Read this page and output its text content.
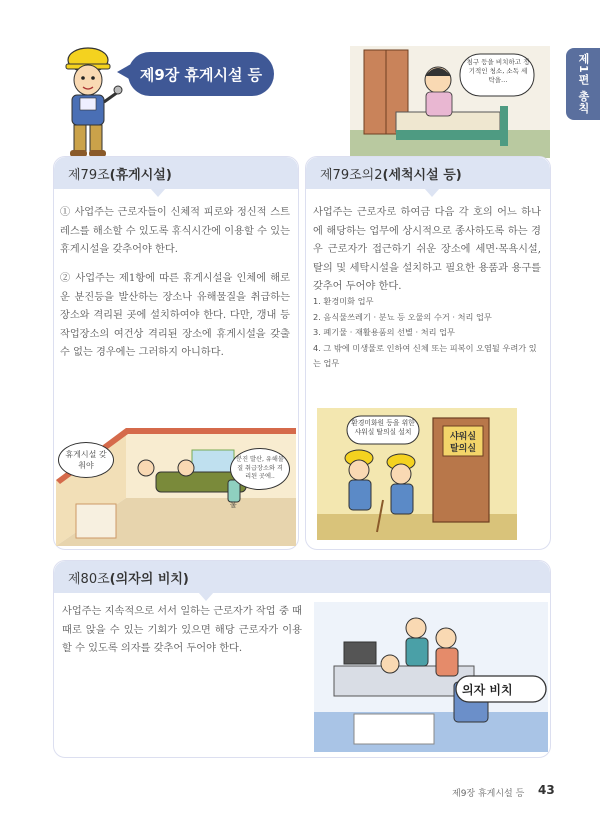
제1편 총칙
제9장 휴게시설 등
침구 등을 비치하고 정기적인 청소, 소독 세탁을…
제79조 (휴게시설)
① 사업주는 근로자들이 신체적 피로와 정신적 스트레스를 해소할 수 있도록 휴식시간에 이용할 수 있는 휴게시설을 갖추어야 한다.
② 사업주는 제1항에 따른 휴게시설을 인체에 해로운 분진등을 발산하는 장소나 유해물질을 취급하는 장소와 격리된 곳에 설치하여야 한다. 다만, 갱내 등 작업장소의 여건상 격리된 장소에 휴게시설을 갖출 수 없는 경우에는 그러하지 아니하다.
물
휴게시설 갖춰야
분진 발산, 유해물질 취급장소와 격리된 곳에..
제79조의2 (세척시설 등)
사업주는 근로자로 하여금 다음 각 호의 어느 하나에 해당하는 업무에 상시적으로 종사하도록 하는 경우 근로자가 접근하기 쉬운 장소에 세면·목욕시설, 탈의 및 세탁시설을 설치하고 필요한 용품과 용구를 갖추어 두어야 한다.
1. 환경미화 업무
2. 음식물쓰레기 · 분뇨 등 오물의 수거 · 처리 업무
3. 폐기물 · 재활용품의 선별 · 처리 업무
4. 그 밖에 미생물로 인하여 신체 또는 피복이 오염될 우려가 있는 업무
환경미화원 등을 위한 샤워실 탈의실 설치
샤워실 탈의실
제80조 (의자의 비치)
사업주는 지속적으로 서서 일하는 근로자가 작업 중 때때로 앉을 수 있는 기회가 있으면 해당 근로자가 이용할 수 있도록 의자를 갖추어 두어야 한다.
의자 비치
제9장 휴게시설 등 43
